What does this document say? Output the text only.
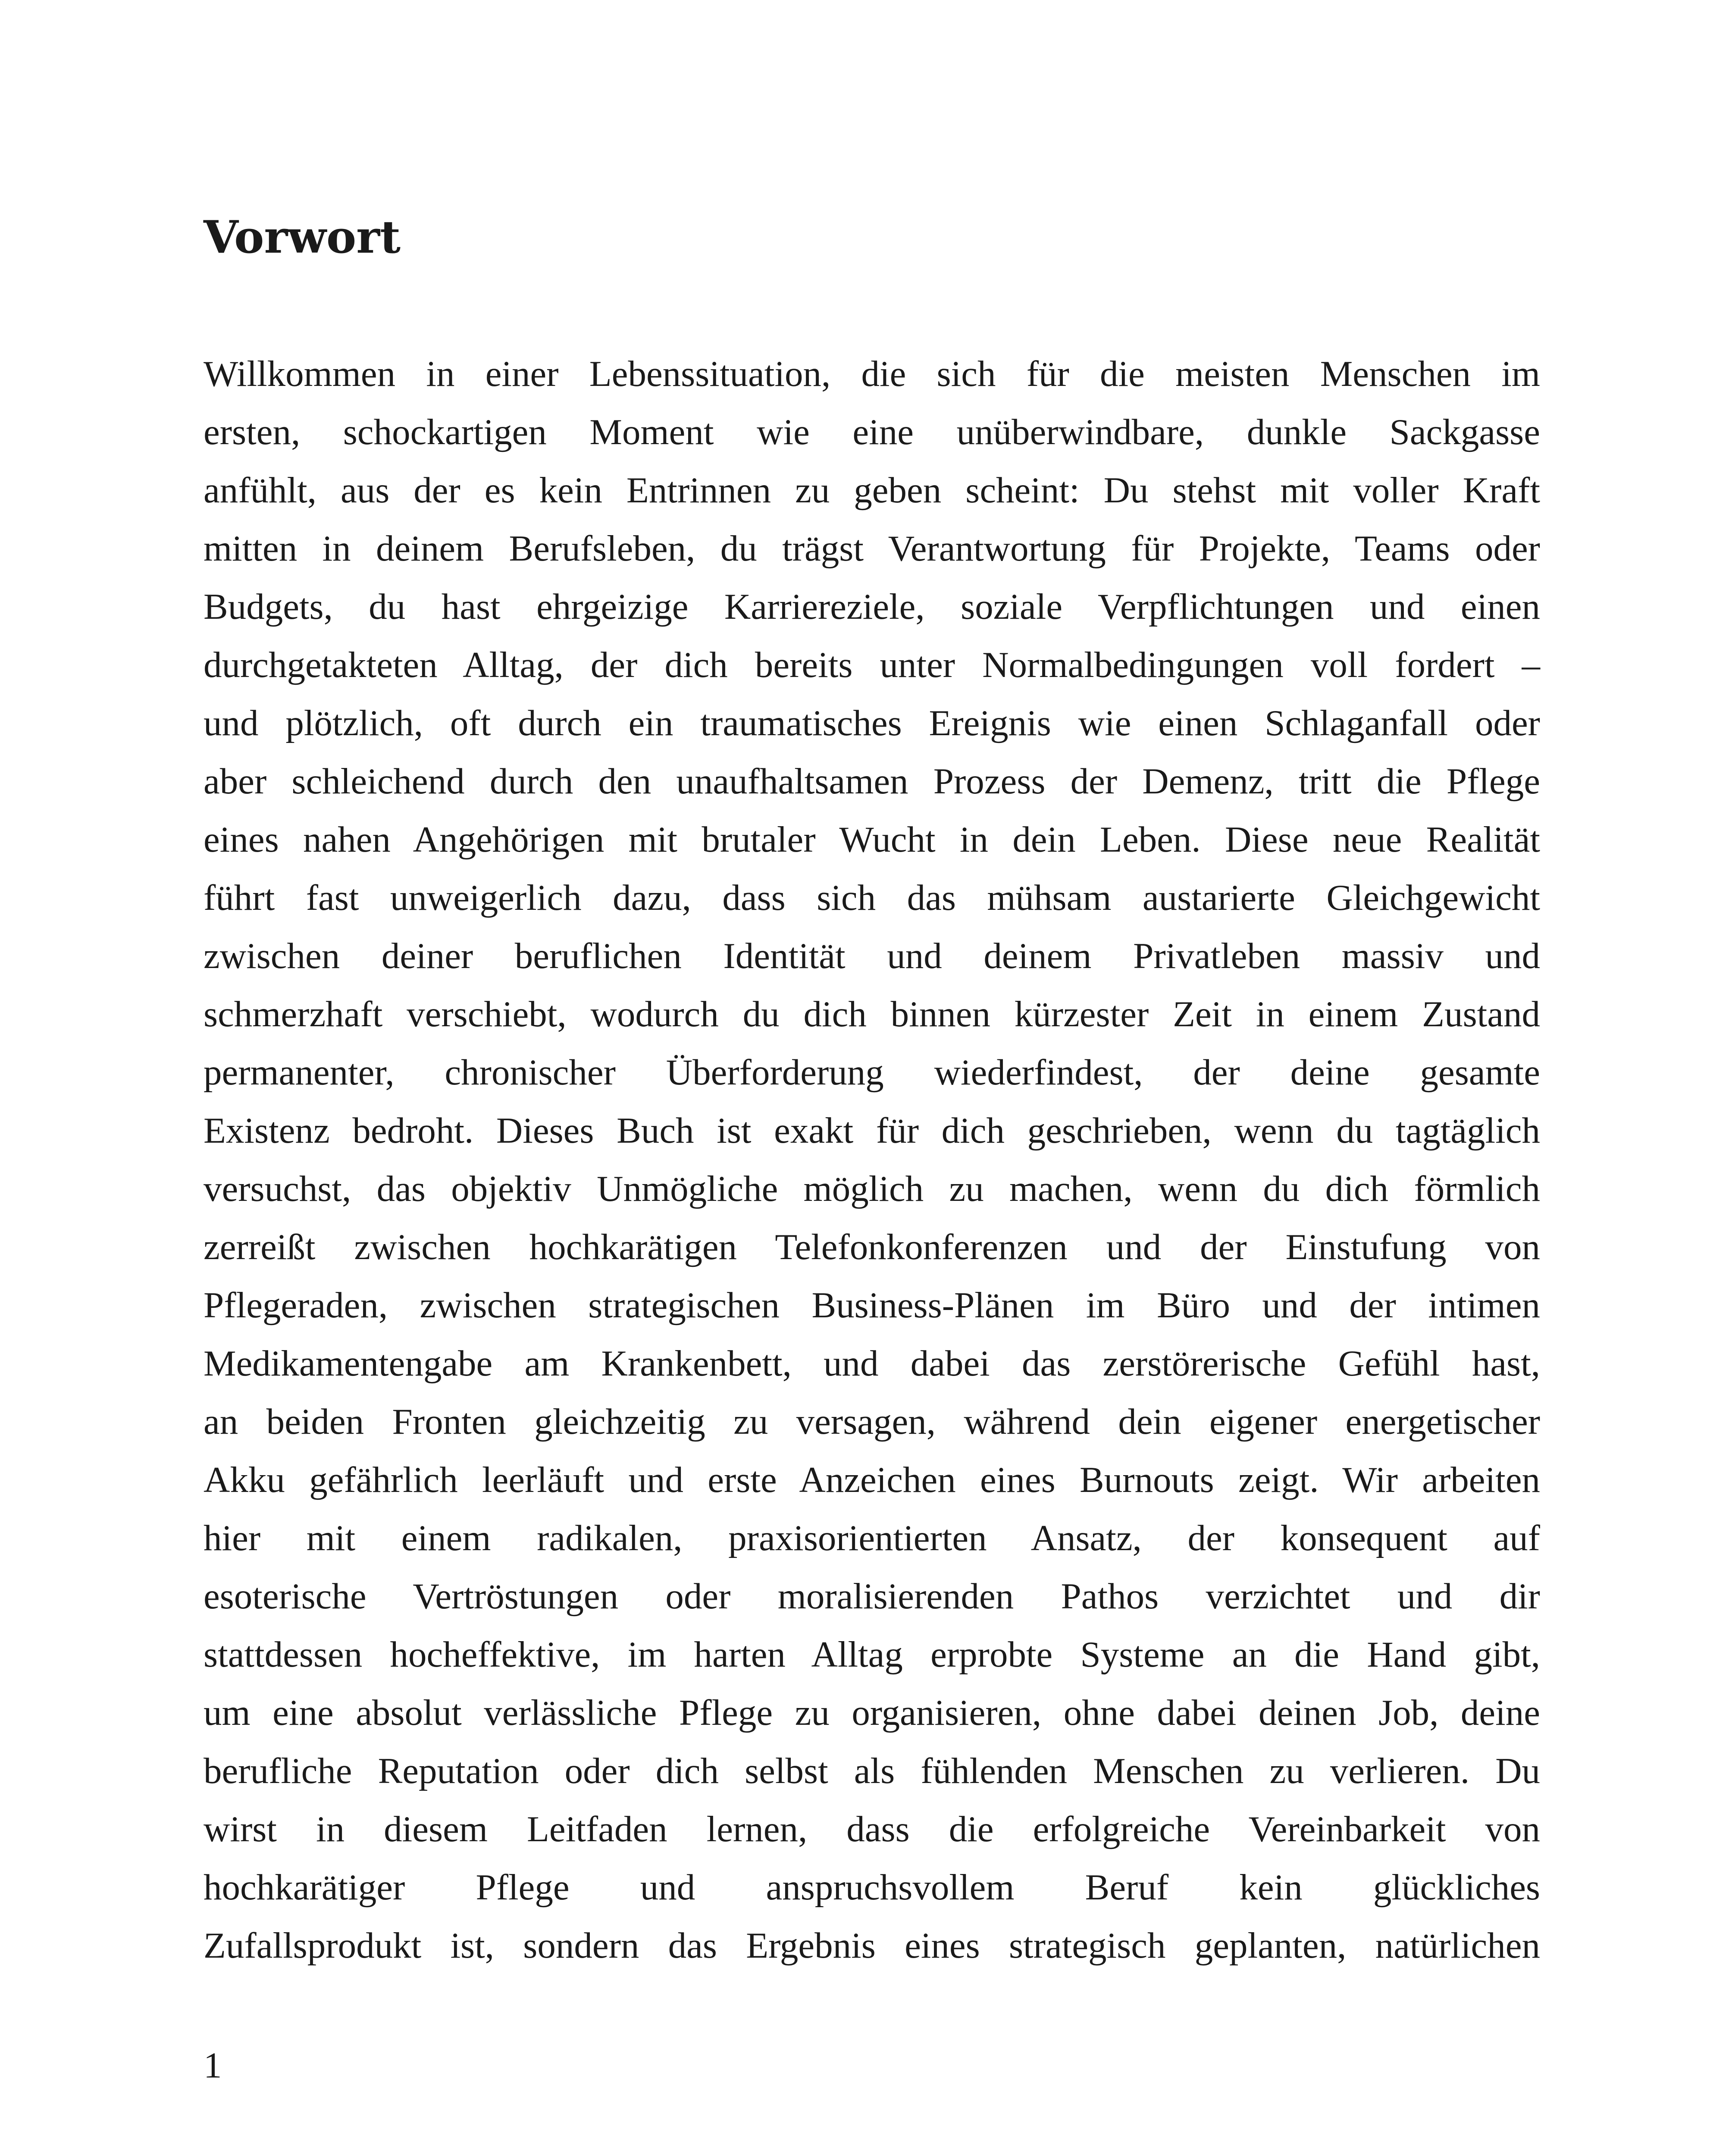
Vorwort
Willkommen in einer Lebenssituation, die sich für die meisten Menschen im
ersten, schockartigen Moment wie eine unüberwindbare, dunkle Sackgasse
anfühlt, aus der es kein Entrinnen zu geben scheint: Du stehst mit voller Kraft
mitten in deinem Berufsleben, du trägst Verantwortung für Projekte, Teams oder
Budgets, du hast ehrgeizige Karriereziele, soziale Verpflichtungen und einen
durchgetakteten Alltag, der dich bereits unter Normalbedingungen voll fordert –
und plötzlich, oft durch ein traumatisches Ereignis wie einen Schlaganfall oder
aber schleichend durch den unaufhaltsamen Prozess der Demenz, tritt die Pflege
eines nahen Angehörigen mit brutaler Wucht in dein Leben. Diese neue Realität
führt fast unweigerlich dazu, dass sich das mühsam austarierte Gleichgewicht
zwischen deiner beruflichen Identität und deinem Privatleben massiv und
schmerzhaft verschiebt, wodurch du dich binnen kürzester Zeit in einem Zustand
permanenter, chronischer Überforderung wiederfindest, der deine gesamte
Existenz bedroht. Dieses Buch ist exakt für dich geschrieben, wenn du tagtäglich
versuchst, das objektiv Unmögliche möglich zu machen, wenn du dich förmlich
zerreißt zwischen hochkarätigen Telefonkonferenzen und der Einstufung von
Pflegeraden, zwischen strategischen Business-Plänen im Büro und der intimen
Medikamentengabe am Krankenbett, und dabei das zerstörerische Gefühl hast,
an beiden Fronten gleichzeitig zu versagen, während dein eigener energetischer
Akku gefährlich leerläuft und erste Anzeichen eines Burnouts zeigt. Wir arbeiten
hier mit einem radikalen, praxisorientierten Ansatz, der konsequent auf
esoterische Vertröstungen oder moralisierenden Pathos verzichtet und dir
stattdessen hocheffektive, im harten Alltag erprobte Systeme an die Hand gibt,
um eine absolut verlässliche Pflege zu organisieren, ohne dabei deinen Job, deine
berufliche Reputation oder dich selbst als fühlenden Menschen zu verlieren. Du
wirst in diesem Leitfaden lernen, dass die erfolgreiche Vereinbarkeit von
hochkarätiger Pflege und anspruchsvollem Beruf kein glückliches
Zufallsprodukt ist, sondern das Ergebnis eines strategisch geplanten, natürlichen
1
